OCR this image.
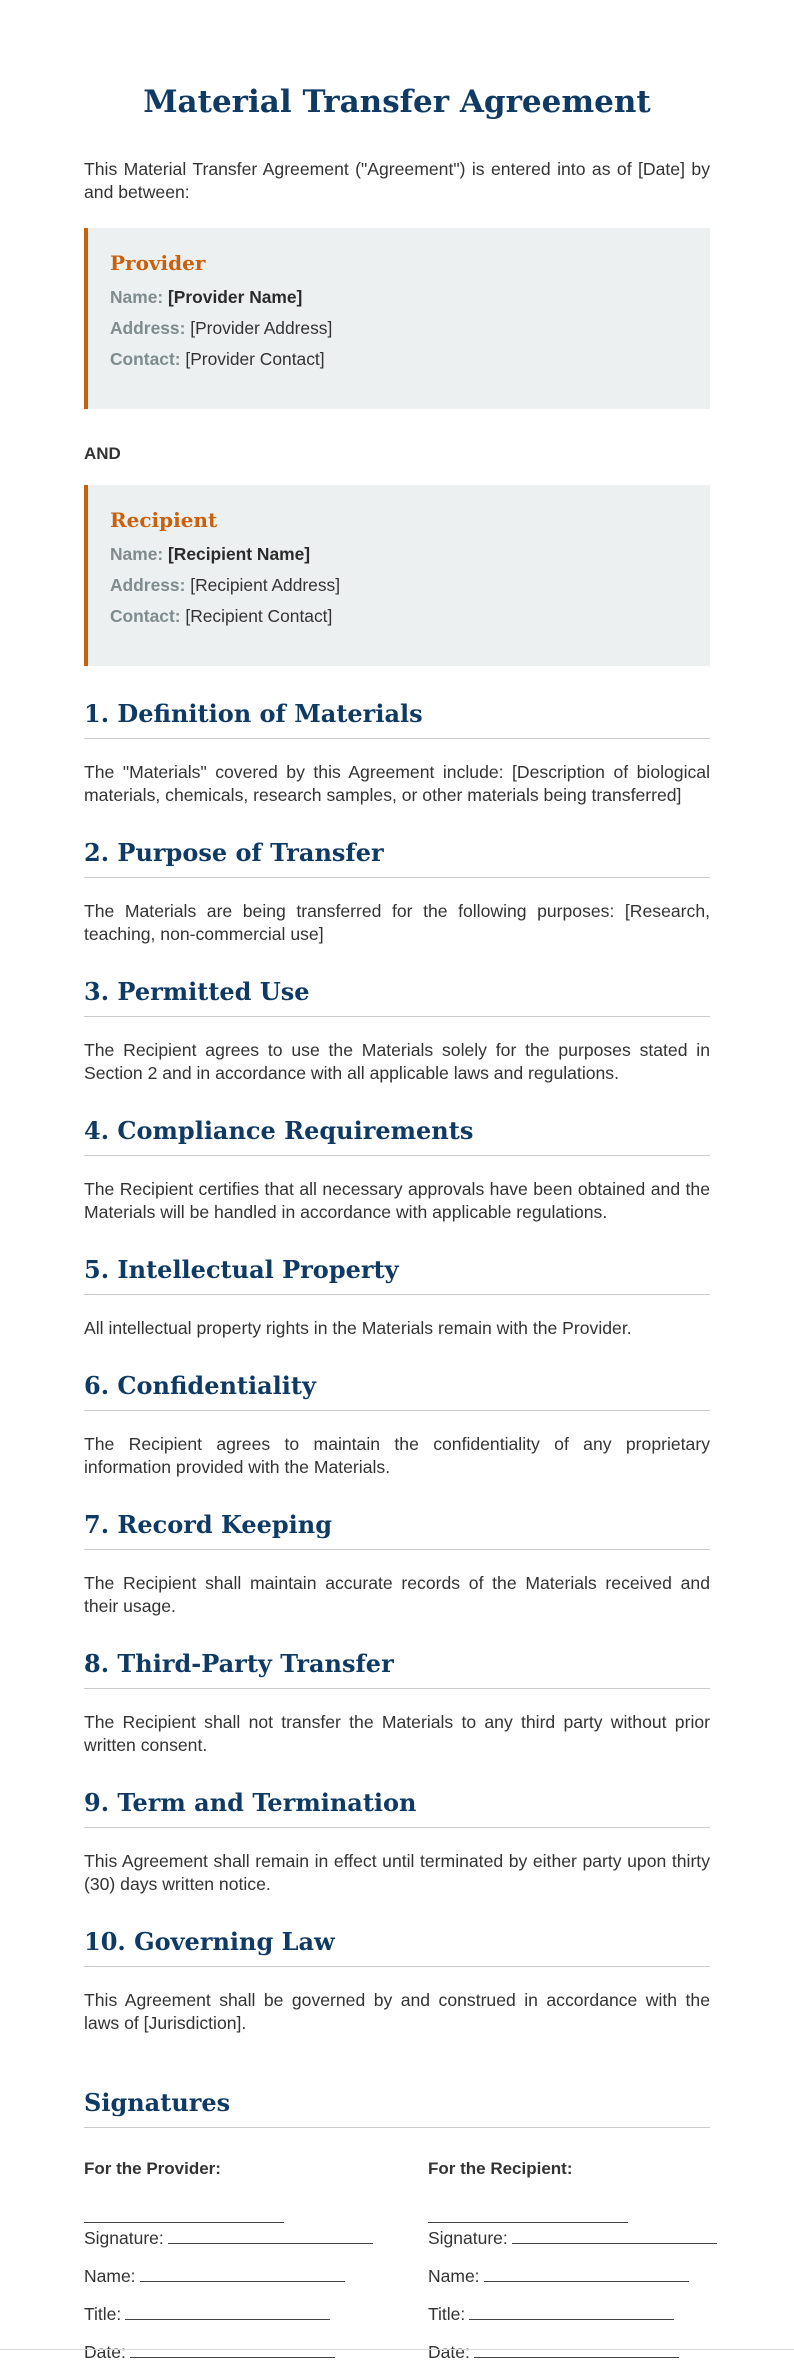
Material Transfer Agreement

This Material Transfer Agreement ("Agreement") is entered into as of [Date] by and between:

Provider
Name: [Provider Name]
Address: [Provider Address]
Contact: [Provider Contact]
AND
Recipient
Name: [Recipient Name]
Address: [Recipient Address]
Contact: [Recipient Contact]
1. Definition of Materials

The "Materials" covered by this Agreement include: [Description of biological materials, chemicals, research samples, or other materials being transferred]

2. Purpose of Transfer

The Materials are being transferred for the following purposes: [Research, teaching, non-commercial use]

3. Permitted Use

The Recipient agrees to use the Materials solely for the purposes stated in Section 2 and in accordance with all applicable laws and regulations.

4. Compliance Requirements

The Recipient certifies that all necessary approvals have been obtained and the Materials will be handled in accordance with applicable regulations.

5. Intellectual Property

All intellectual property rights in the Materials remain with the Provider.

6. Confidentiality

The Recipient agrees to maintain the confidentiality of any proprietary information provided with the Materials.

7. Record Keeping

The Recipient shall maintain accurate records of the Materials received and their usage.

8. Third-Party Transfer

The Recipient shall not transfer the Materials to any third party without prior written consent.

9. Term and Termination

This Agreement shall remain in effect until terminated by either party upon thirty (30) days written notice.

10. Governing Law

This Agreement shall be governed by and construed in accordance with the laws of [Jurisdiction].

Signatures
For the Provider:
Signature:
Name:
Title:
Date:
For the Recipient:
Signature:
Name:
Title:
Date:
